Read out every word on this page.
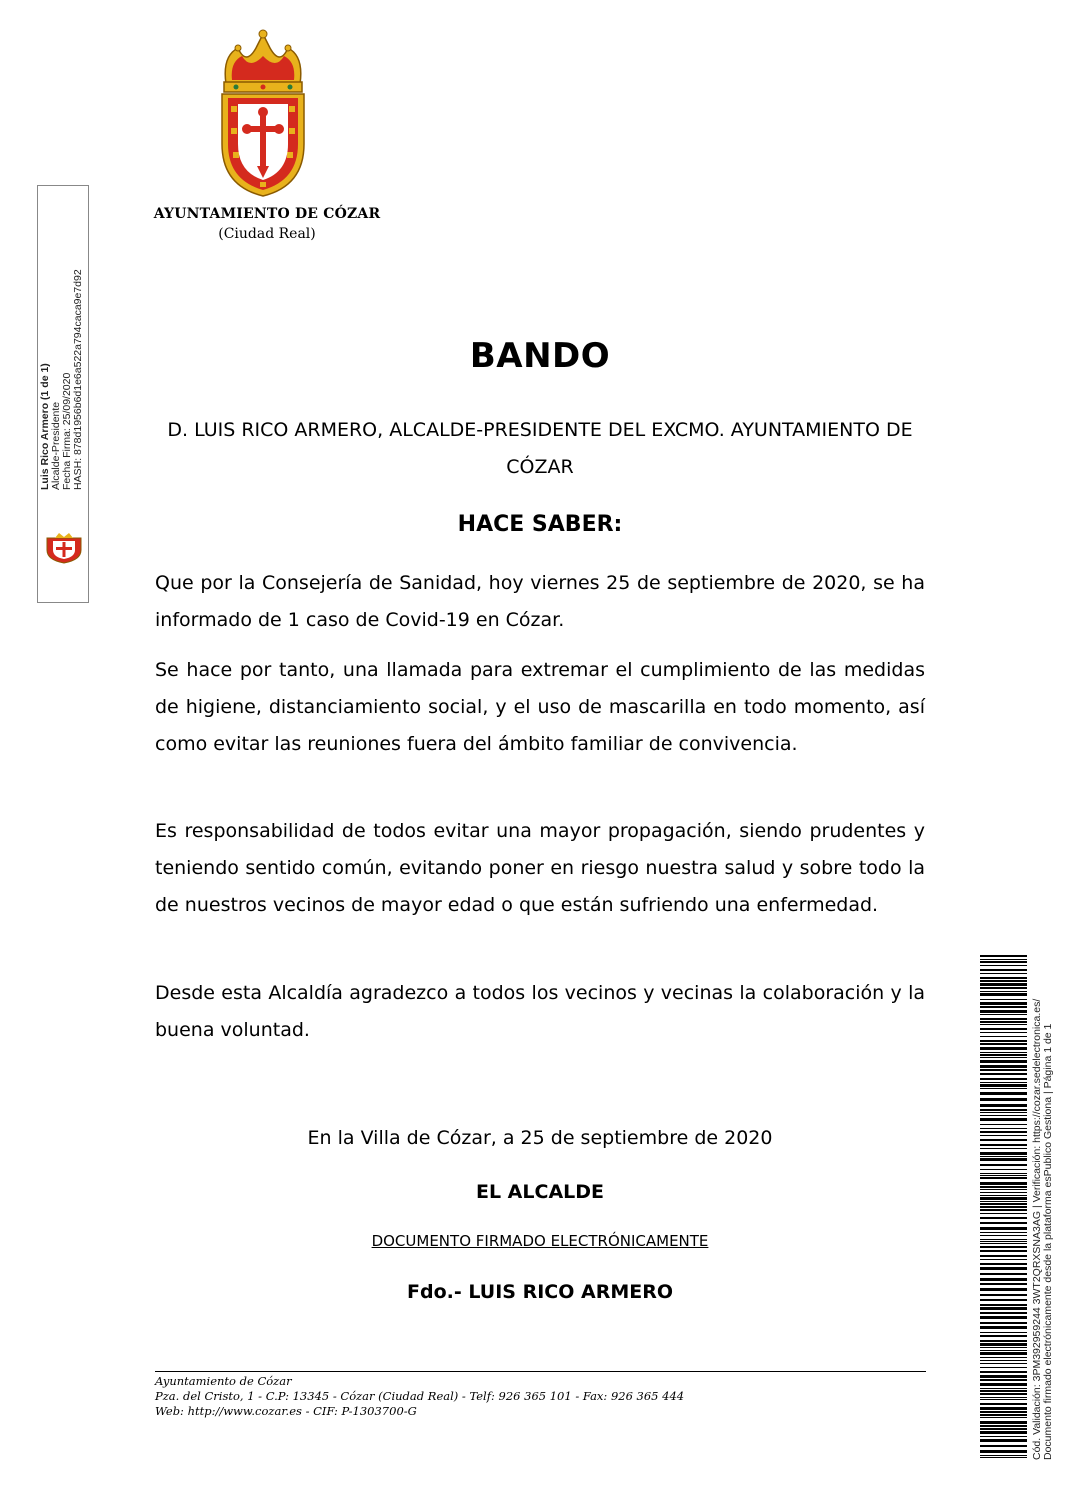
AYUNTAMIENTO DE CÓZAR
(Ciudad Real)
Luis Rico Armero (1 de 1) Alcalde-Presidente Fecha Firma: 25/09/2020 HASH: 878d1956b6d1e6a522a794caca9e7d92	BANDO
D. LUIS RICO ARMERO, ALCALDE-PRESIDENTE DEL EXCMO. AYUNTAMIENTO DE CÓZAR
HACE SABER:
Que por la Consejería de Sanidad, hoy viernes 25 de septiembre de 2020, se ha informado de 1 caso de Covid-19 en Cózar.
Se hace por tanto, una llamada para extremar el cumplimiento de las medidas de higiene, distanciamiento social, y el uso de mascarilla en todo momento, así como evitar las reuniones fuera del ámbito familiar de convivencia.
Es responsabilidad de todos evitar una mayor propagación, siendo prudentes y teniendo sentido común, evitando poner en riesgo nuestra salud y sobre todo la de nuestros vecinos de mayor edad o que están sufriendo una enfermedad.
Desde esta Alcaldía agradezco a todos los vecinos y vecinas la colaboración y la buena voluntad.
En la Villa de Cózar, a 25 de septiembre de 2020
EL ALCALDE
DOCUMENTO FIRMADO ELECTRÓNICAMENTE
Fdo.- LUIS RICO ARMERO
Ayuntamiento de Cózar
Pza. del Cristo, 1 - C.P: 13345 - Cózar (Ciudad Real) - Telf: 926 365 101 - Fax: 926 365 444
Web: http://www.cozar.es - CIF: P-1303700-G	Cód. Validación: 3PM392959244 3WT2QRXSNA3AG | Verificación: https://cozar.sedelectronica.es/ Documento firmado electrónicamente desde la plataforma esPublico Gestiona | Página 1 de 1
